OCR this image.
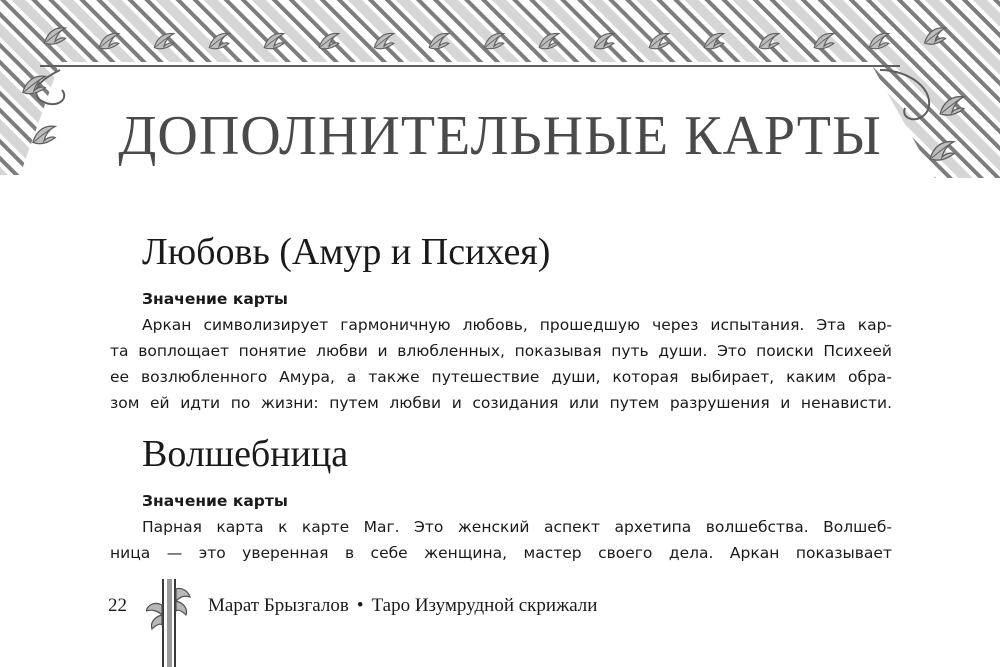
ДОПОЛНИТЕЛЬНЫЕ КАРТЫ
Любовь (Амур и Психея)
Значение карты
Аркан символизирует гармоничную любовь, прошедшую через испытания. Эта кар-
та воплощает понятие любви и влюбленных, показывая путь души. Это поиски Психеей
ее возлюбленного Амура, а также путешествие души, которая выбирает, каким обра-
зом ей идти по жизни: путем любви и созидания или путем разрушения и ненависти.
Волшебница
Значение карты
Парная карта к карте Маг. Это женский аспект архетипа волшебства. Волшеб-
ница — это уверенная в себе женщина, мастер своего дела. Аркан показывает
22	Марат Брызгалов • Таро Изумрудной скрижали
